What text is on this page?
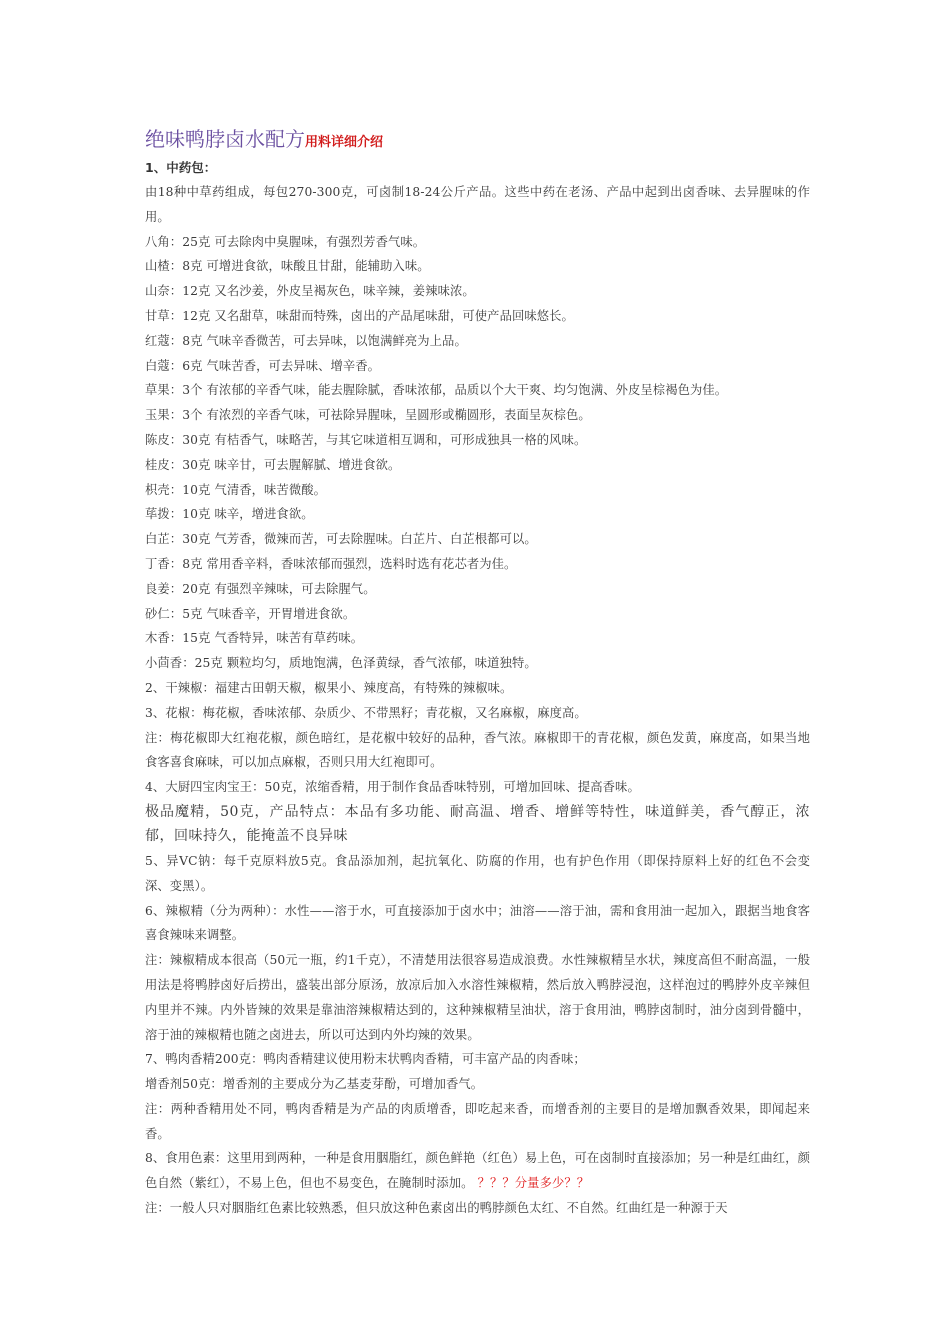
绝味鸭脖卤水配方用料详细介绍
1、中药包：

由18种中草药组成，每包270-300克，可卤制18-24公斤产品。这些中药在老汤、产品中起到出卤香味、去异腥味的作用。

八角：25克 可去除肉中臭腥味，有强烈芳香气味。

山楂：8克 可增进食欲，味酸且甘甜，能辅助入味。

山奈：12克 又名沙姜，外皮呈褐灰色，味辛辣，姜辣味浓。

甘草：12克 又名甜草，味甜而特殊，卤出的产品尾味甜，可使产品回味悠长。

红蔻：8克 气味辛香微苦，可去异味，以饱满鲜亮为上品。

白蔻：6克 气味苦香，可去异味、增辛香。

草果：3个 有浓郁的辛香气味，能去腥除腻，香味浓郁，品质以个大干爽、均匀饱满、外皮呈棕褐色为佳。

玉果：3个 有浓烈的辛香气味，可祛除异腥味，呈圆形或椭圆形，表面呈灰棕色。

陈皮：30克 有桔香气，味略苦，与其它味道相互调和，可形成独具一格的风味。

桂皮：30克 味辛甘，可去腥解腻、增进食欲。

枳壳：10克 气清香，味苦微酸。

荜拨：10克 味辛，增进食欲。

白芷：30克 气芳香，微辣而苦，可去除腥味。白芷片、白芷根都可以。

丁香：8克 常用香辛料，香味浓郁而强烈，选料时选有花芯者为佳。

良姜：20克 有强烈辛辣味，可去除腥气。

砂仁：5克 气味香辛，开胃增进食欲。

木香：15克 气香特异，味苦有草药味。

小茴香：25克 颗粒均匀，质地饱满，色泽黄绿，香气浓郁，味道独特。

2、干辣椒：福建古田朝天椒，椒果小、辣度高，有特殊的辣椒味。

3、花椒：梅花椒，香味浓郁、杂质少、不带黑籽；青花椒，又名麻椒，麻度高。

注：梅花椒即大红袍花椒，颜色暗红，是花椒中较好的品种，香气浓。麻椒即干的青花椒，颜色发黄，麻度高，如果当地食客喜食麻味，可以加点麻椒，否则只用大红袍即可。

4、大厨四宝肉宝王：50克，浓缩香精，用于制作食品香味特别，可增加回味、提高香味。

极品魔精，50克，产品特点：本品有多功能、耐高温、增香、增鲜等特性，味道鲜美，香气醇正，浓郁，回味持久，能掩盖不良异味

5、异VC钠：每千克原料放5克。食品添加剂，起抗氧化、防腐的作用，也有护色作用（即保持原料上好的红色不会变深、变黑）。

6、辣椒精（分为两种）：水性——溶于水，可直接添加于卤水中；油溶——溶于油，需和食用油一起加入，跟据当地食客喜食辣味来调整。

注：辣椒精成本很高（50元一瓶，约1千克），不清楚用法很容易造成浪费。水性辣椒精呈水状，辣度高但不耐高温，一般用法是将鸭脖卤好后捞出，盛装出部分原汤，放凉后加入水溶性辣椒精，然后放入鸭脖浸泡，这样泡过的鸭脖外皮辛辣但内里并不辣。内外皆辣的效果是靠油溶辣椒精达到的，这种辣椒精呈油状，溶于食用油，鸭脖卤制时，油分卤到骨髓中，溶于油的辣椒精也随之卤进去，所以可达到内外均辣的效果。

7、鸭肉香精200克：鸭肉香精建议使用粉末状鸭肉香精，可丰富产品的肉香味；

增香剂50克：增香剂的主要成分为乙基麦芽酚，可增加香气。

注：两种香精用处不同，鸭肉香精是为产品的肉质增香，即吃起来香，而增香剂的主要目的是增加飘香效果，即闻起来香。

8、食用色素：这里用到两种，一种是食用胭脂红，颜色鲜艳（红色）易上色，可在卤制时直接添加；另一种是红曲红，颜色自然（紫红），不易上色，但也不易变色，在腌制时添加。 ？？？分量多少？？

注：一般人只对胭脂红色素比较熟悉，但只放这种色素卤出的鸭脖颜色太红、不自然。红曲红是一种源于天
